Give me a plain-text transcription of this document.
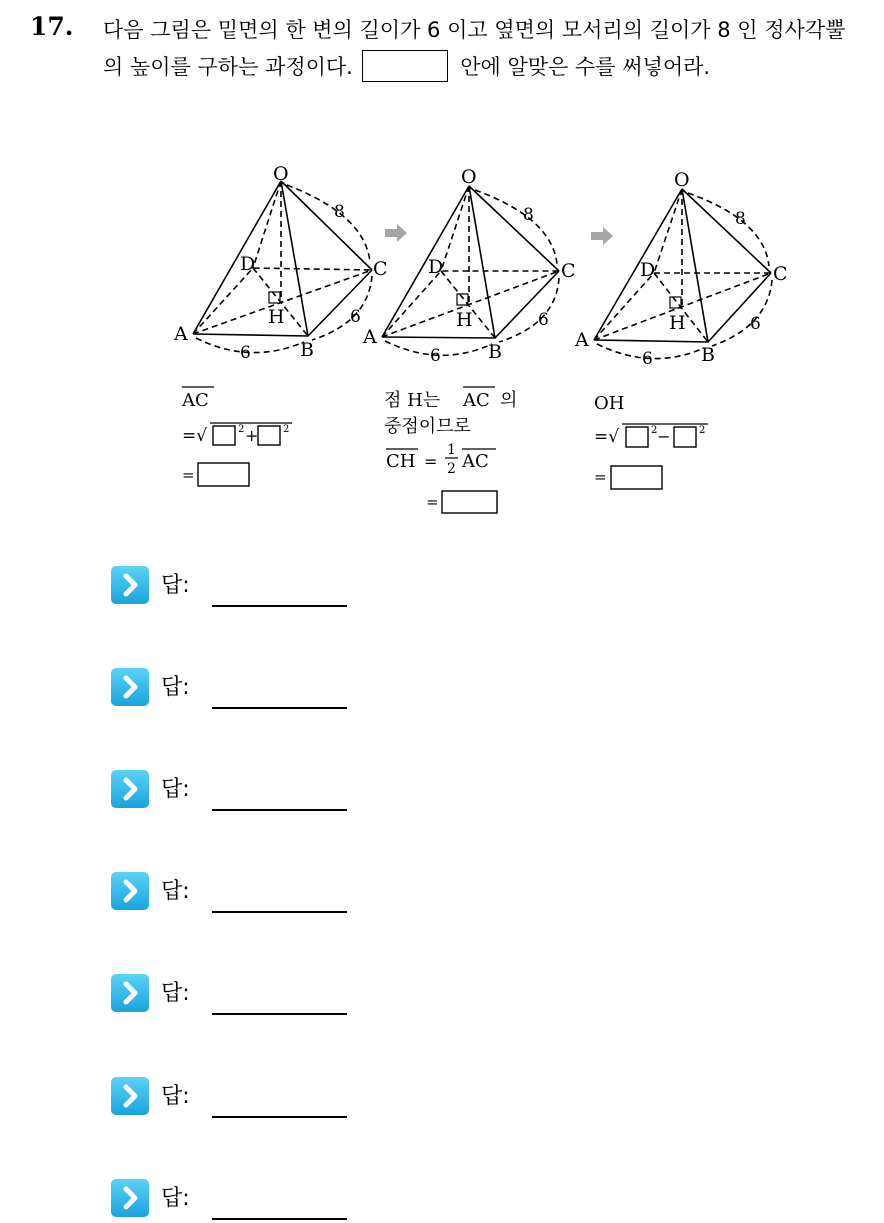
17. 다음 그림은 밑면의 한 변의 길이가 6 이고 옆면의 모서리의 길이가 8 인 정사각뿔의 높이를 구하는 과정이다.	안에 알맞은 수를 써넣어라.
O
A
B
C
D
H
8
6
6
O
A
B
C
D
H
8
6
6
O
A
B
C
D
H
8
6
6
AC
=√	2 + 2
=
점 H는 AC 의
중점이므로
CH =
1
2 AC
=
OH
=√	2 −	2
=
답:
답:
답:
답:
답:
답:
답:
